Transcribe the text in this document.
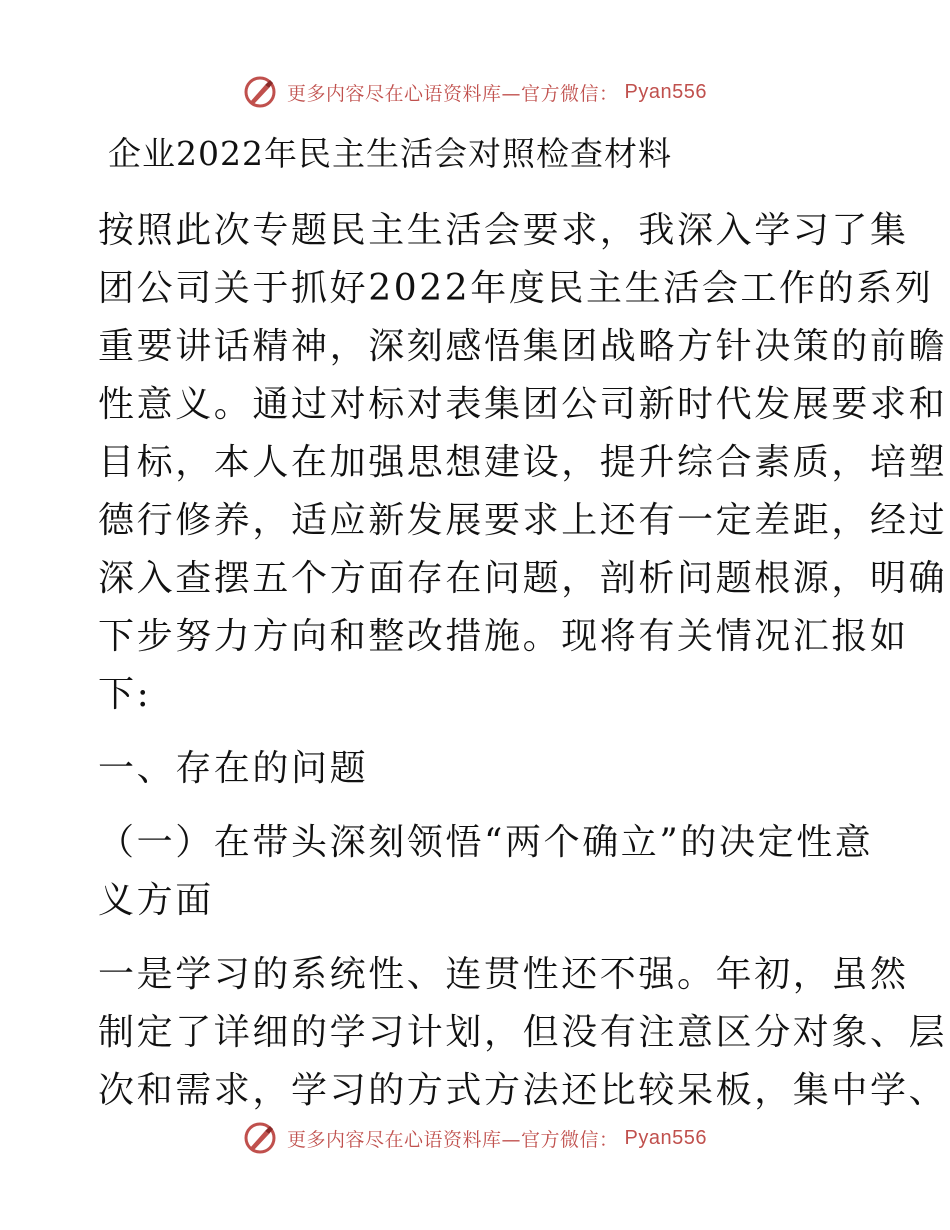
更多内容尽在心语资料库—官方微信： Pyan556
企业2022年民主生活会对照检查材料

按照此次专题民主生活会要求，我深入学习了集

团公司关于抓好2022年度民主生活会工作的系列

重要讲话精神，深刻感悟集团战略方针决策的前瞻

性意义。通过对标对表集团公司新时代发展要求和

目标，本人在加强思想建设，提升综合素质，培塑

德行修养，适应新发展要求上还有一定差距，经过

深入查摆五个方面存在问题，剖析问题根源，明确

下步努力方向和整改措施。现将有关情况汇报如

下:

一、存在的问题

（一）在带头深刻领悟“两个确立”的决定性意

义方面

一是学习的系统性、连贯性还不强。年初，虽然

制定了详细的学习计划，但没有注意区分对象、层

次和需求，学习的方式方法还比较呆板，集中学、

更多内容尽在心语资料库—官方微信： Pyan556
